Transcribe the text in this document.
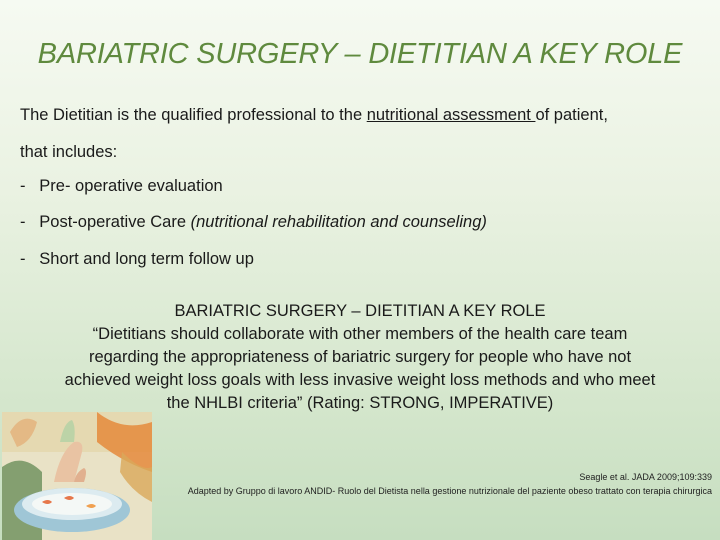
BARIATRIC SURGERY – DIETITIAN A KEY ROLE
The Dietitian is the qualified professional to the nutritional assessment of patient,
that includes:
- Pre- operative evaluation
- Post-operative Care (nutritional rehabilitation and counseling)
- Short and long term follow up
BARIATRIC SURGERY – DIETITIAN A KEY ROLE
“Dietitians should collaborate with other members of the health care team
regarding the appropriateness of bariatric surgery for people who have not
achieved weight loss goals with less invasive weight loss methods and who meet
the NHLBI criteria” (Rating: STRONG, IMPERATIVE)
Seagle et al. JADA 2009;109:339
Adapted by Gruppo di lavoro ANDID- Ruolo del Dietista nella gestione nutrizionale del paziente obeso trattato con terapia chirurgica
